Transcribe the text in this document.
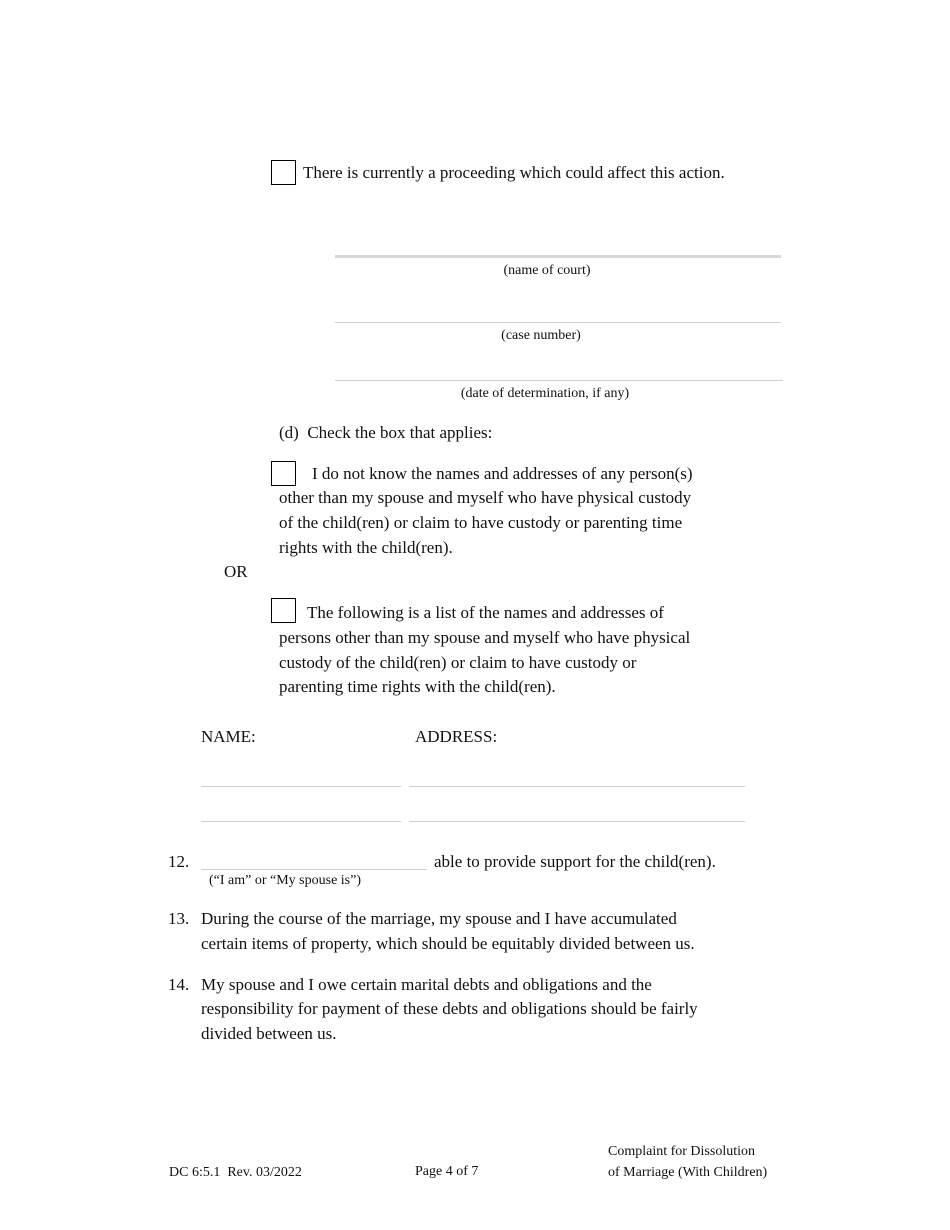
There is currently a proceeding which could affect this action.
(name of court)
(case number)
(date of determination, if any)
(d)  Check the box that applies:
I do not know the names and addresses of any person(s)
other than my spouse and myself who have physical custody
of the child(ren) or claim to have custody or parenting time
rights with the child(ren).
OR
The following is a list of the names and addresses of
persons other than my spouse and myself who have physical
custody of the child(ren) or claim to have custody or
parenting time rights with the child(ren).
NAME:	ADDRESS:
12.	able to provide support for the child(ren).
(“I am” or “My spouse is”)
13. During the course of the marriage, my spouse and I have accumulated
certain items of property, which should be equitably divided between us.
14. My spouse and I owe certain marital debts and obligations and the
responsibility for payment of these debts and obligations should be fairly
divided between us.
DC 6:5.1  Rev. 03/2022	Page 4 of 7
Complaint for Dissolution
of Marriage (With Children)
